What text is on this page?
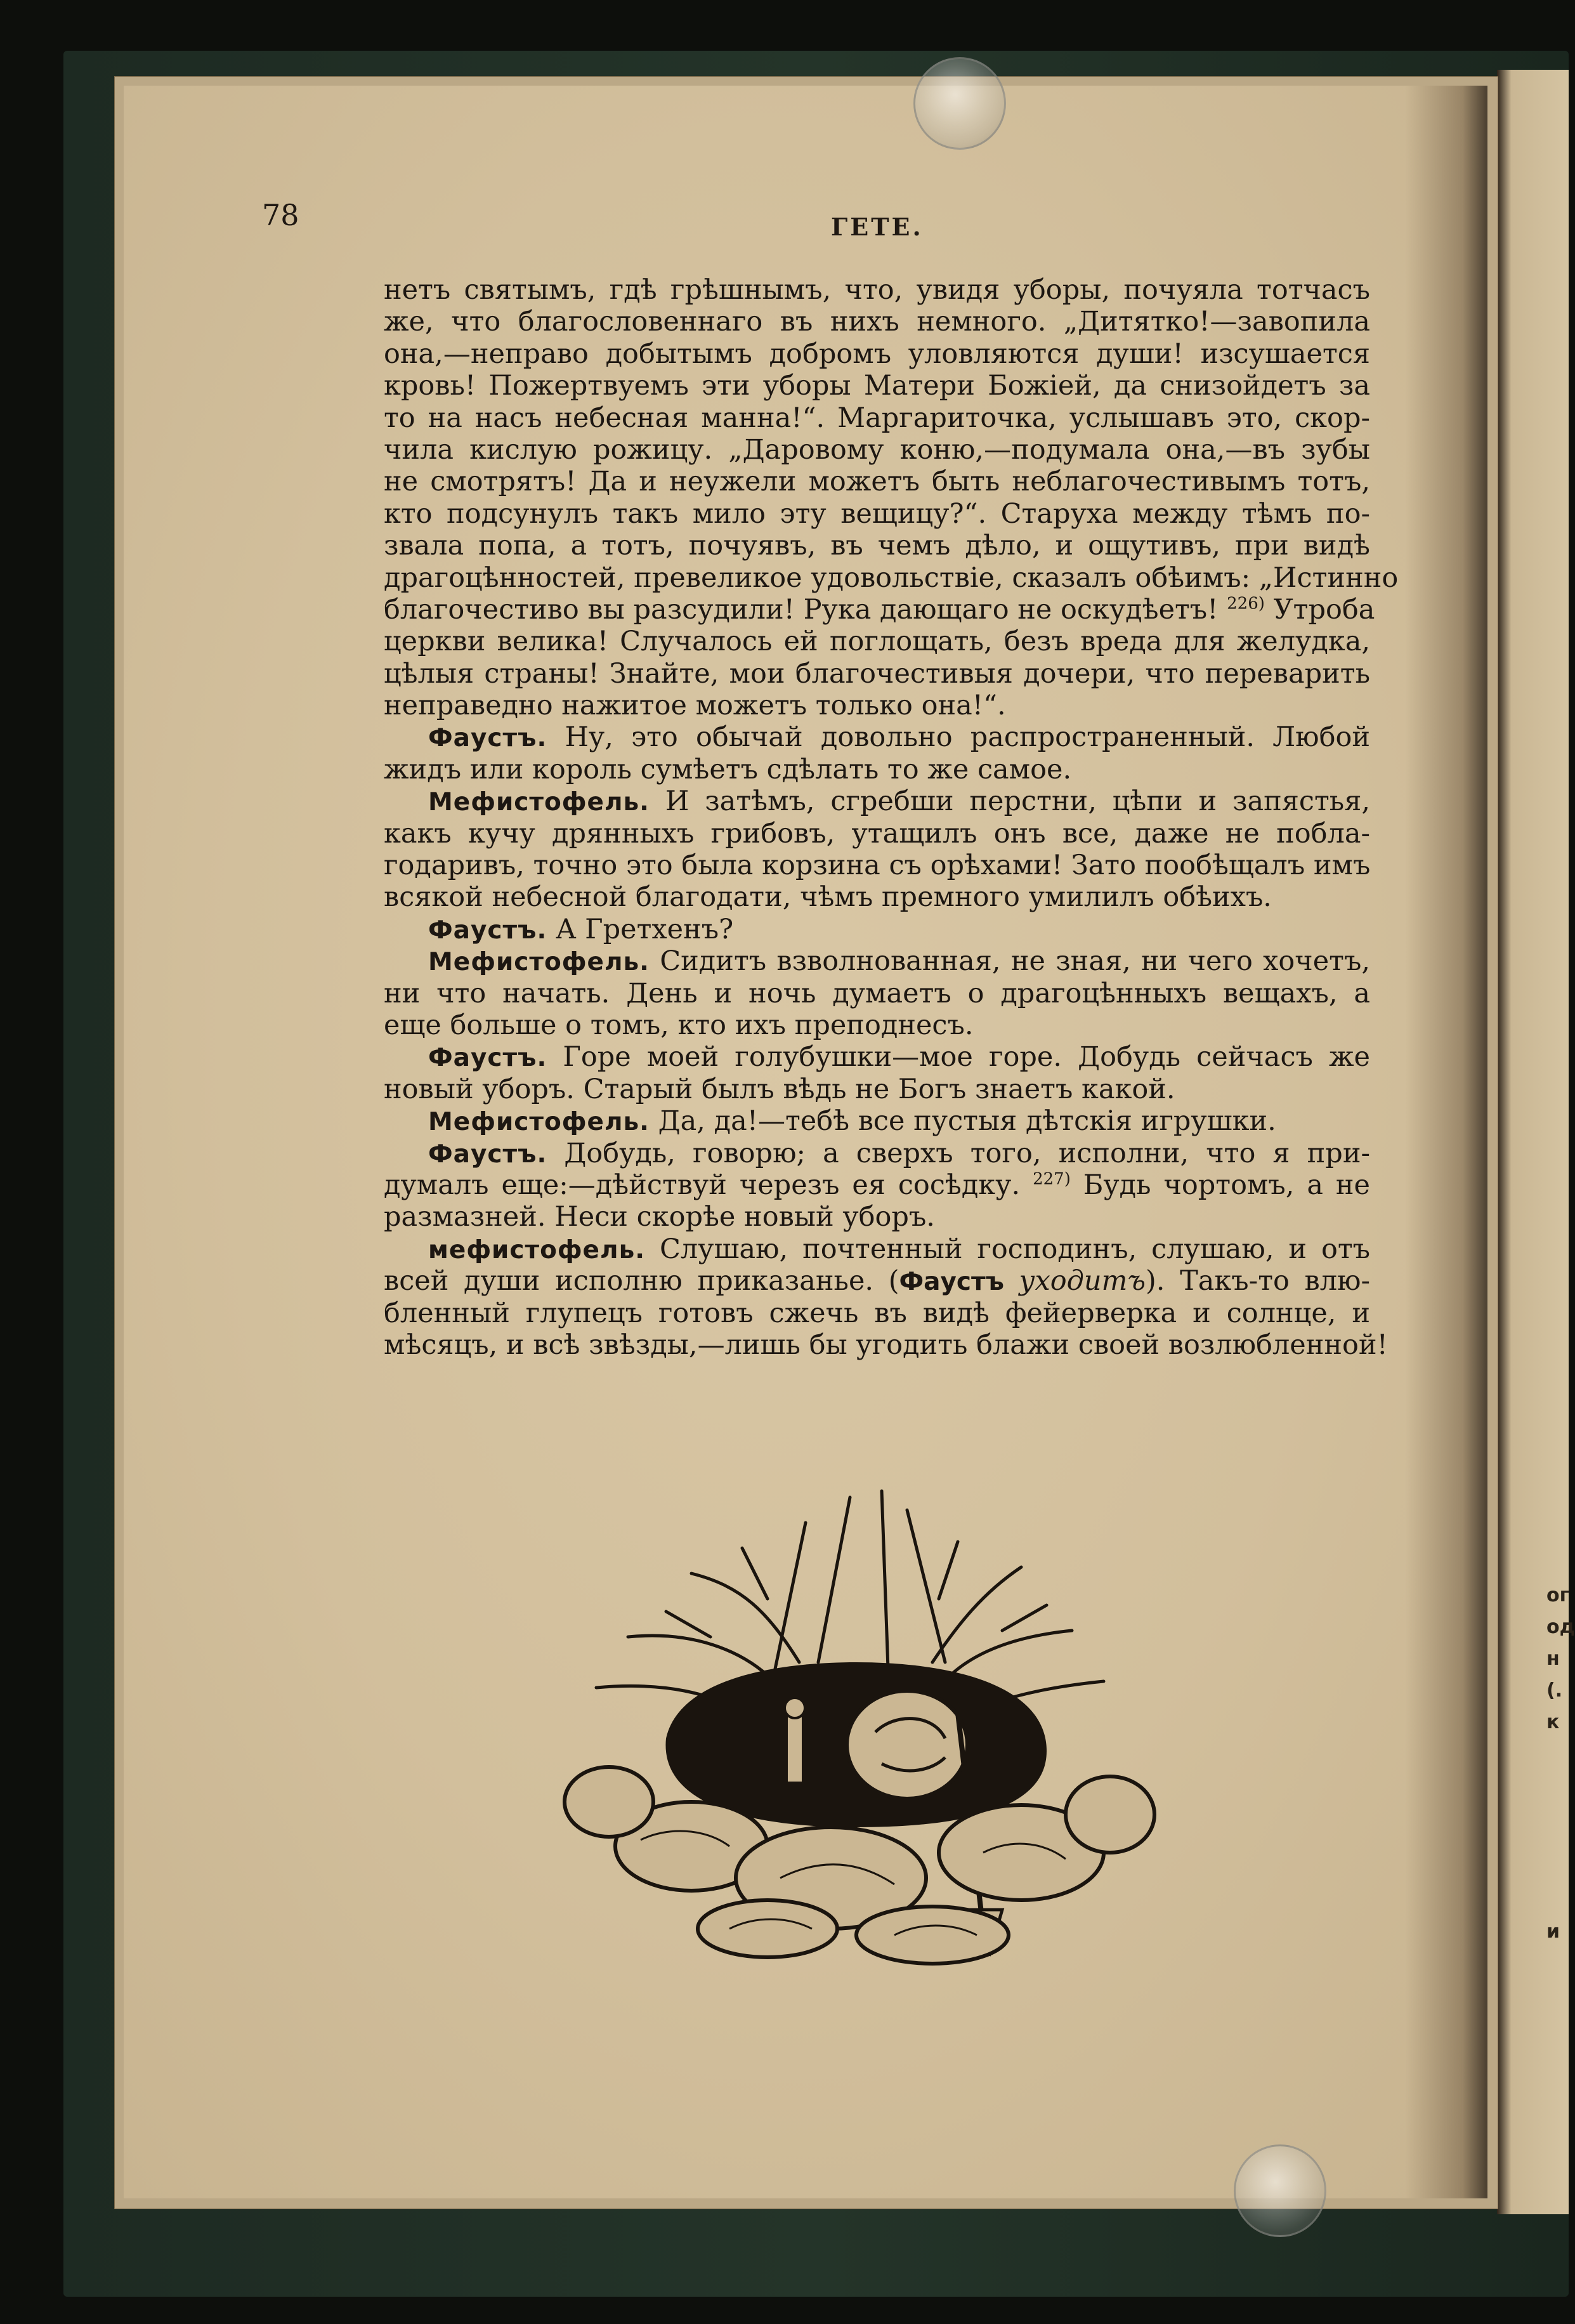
ог
од
н
(.
к
и
78	ГЕТЕ.
нетъ святымъ, гдѣ грѣшнымъ, что, увидя уборы, почуяла тотчасъ
же, что благословеннаго въ нихъ немного. „Дитятко!—завопила
она,—неправо добытымъ добромъ уловляются души! изсушается
кровь! Пожертвуемъ эти уборы Матери Божiей, да снизойдетъ за
то на насъ небесная манна!“. Маргариточка, услышавъ это, скор-
чила кислую рожицу. „Даровому коню,—подумала она,—въ зубы
не смотрятъ! Да и неужели можетъ быть неблагочестивымъ тотъ,
кто подсунулъ такъ мило эту вещицу?“. Старуха между тѣмъ по-
звала попа, а тотъ, почуявъ, въ чемъ дѣло, и ощутивъ, при видѣ
драгоцѣнностей, превеликое удовольствiе, сказалъ обѣимъ: „Истинно
благочестиво вы разсудили! Рука дающаго не оскудѣетъ! $^{226)}$ Утроба
церкви велика! Случалось ей поглощать, безъ вреда для желудка,
цѣлыя страны! Знайте, мои благочестивыя дочери, что переварить
неправедно нажитое можетъ только она!“.
Фаустъ. Ну, это обычай довольно распространенный. Любой
жидъ или король сумѣетъ сдѣлать то же самое.
Мефистофель. И затѣмъ, сгребши перстни, цѣпи и запястья,
какъ кучу дрянныхъ грибовъ, утащилъ онъ все, даже не побла-
годаривъ, точно это была корзина съ орѣхами! Зато пообѣщалъ имъ
всякой небесной благодати, чѣмъ премного умилилъ обѣихъ.
Фаустъ. А Гретхенъ?
Мефистофель. Сидитъ взволнованная, не зная, ни чего хочетъ,
ни что начать. День и ночь думаетъ о драгоцѣнныхъ вещахъ, а
еще больше о томъ, кто ихъ преподнесъ.
Фаустъ. Горе моей голубушки—мое горе. Добудь сейчасъ же
новый уборъ. Старый былъ вѣдь не Богъ знаетъ какой.
Мефистофель. Да, да!—тебѣ все пустыя дѣтскiя игрушки.
Фаустъ. Добудь, говорю; а сверхъ того, исполни, что я при-
думалъ еще:—дѣйствуй черезъ ея сосѣдку. $^{227)}$ Будь чортомъ, а не
размазней. Неси скорѣе новый уборъ.
мефистофель. Слушаю, почтенный господинъ, слушаю, и отъ
всей души исполню приказанье. (Фаустъ уходитъ). Такъ-то влю-
бленный глупецъ готовъ сжечь въ видѣ фейерверка и солнце, и
мѣсяцъ, и всѣ звѣзды,—лишь бы угодить блажи своей возлюбленной!
